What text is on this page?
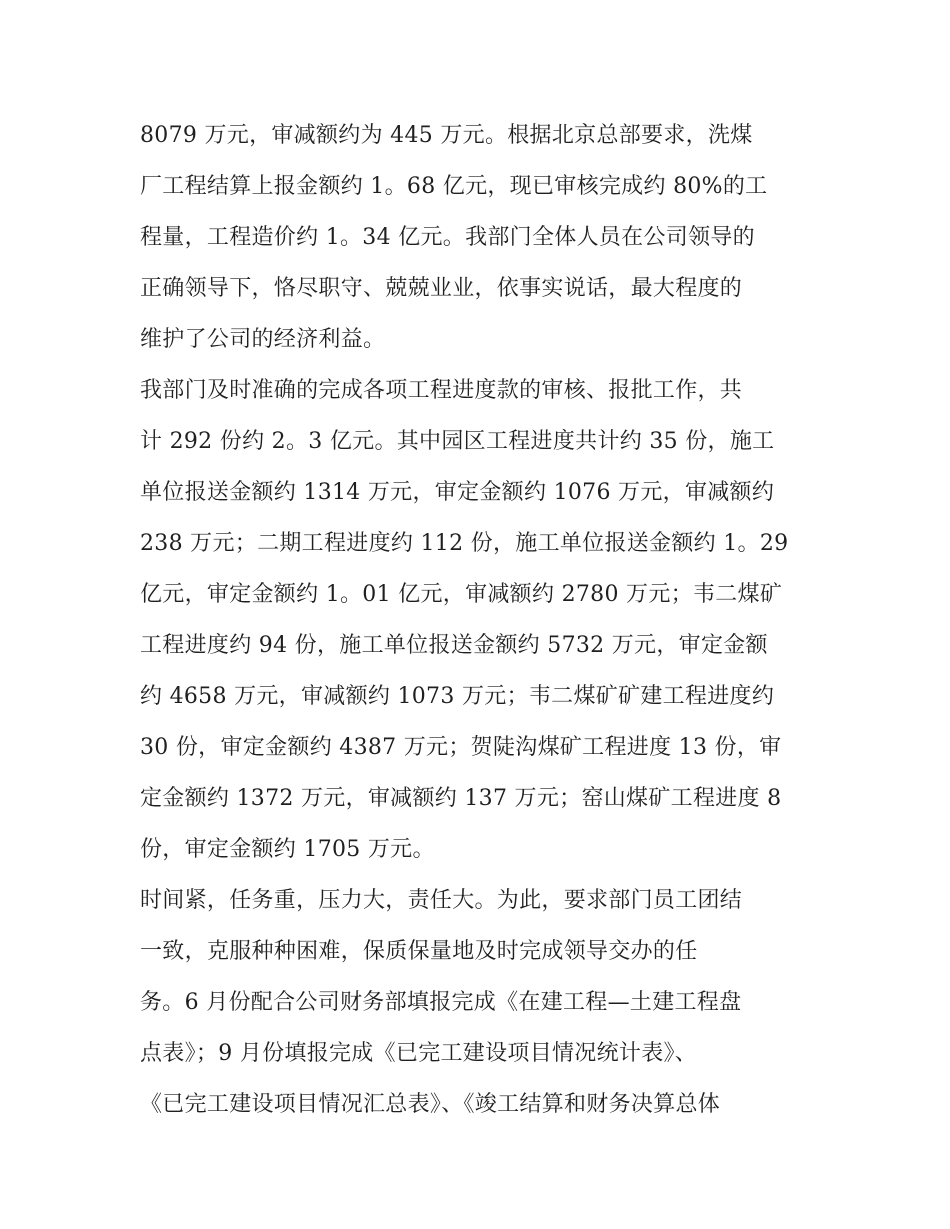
8079 万元，审减额约为 445 万元。根据北京总部要求，洗煤
厂工程结算上报金额约 1。68 亿元，现已审核完成约 80%的工
程量，工程造价约 1。34 亿元。我部门全体人员在公司领导的
正确领导下，恪尽职守、兢兢业业，依事实说话，最大程度的
维护了公司的经济利益。
我部门及时准确的完成各项工程进度款的审核、报批工作，共
计 292 份约 2。3 亿元。其中园区工程进度共计约 35 份，施工
单位报送金额约 1314 万元，审定金额约 1076 万元，审减额约
238 万元；二期工程进度约 112 份，施工单位报送金额约 1。29
亿元，审定金额约 1。01 亿元，审减额约 2780 万元；韦二煤矿
工程进度约 94 份，施工单位报送金额约 5732 万元，审定金额
约 4658 万元，审减额约 1073 万元；韦二煤矿矿建工程进度约
30 份，审定金额约 4387 万元；贺陡沟煤矿工程进度 13 份，审
定金额约 1372 万元，审减额约 137 万元；窑山煤矿工程进度 8
份，审定金额约 1705 万元。
时间紧，任务重，压力大，责任大。为此，要求部门员工团结
一致，克服种种困难，保质保量地及时完成领导交办的任
务。6 月份配合公司财务部填报完成《在建工程—土建工程盘
点表》；9 月份填报完成《已完工建设项目情况统计表》、
《已完工建设项目情况汇总表》、《竣工结算和财务决算总体
